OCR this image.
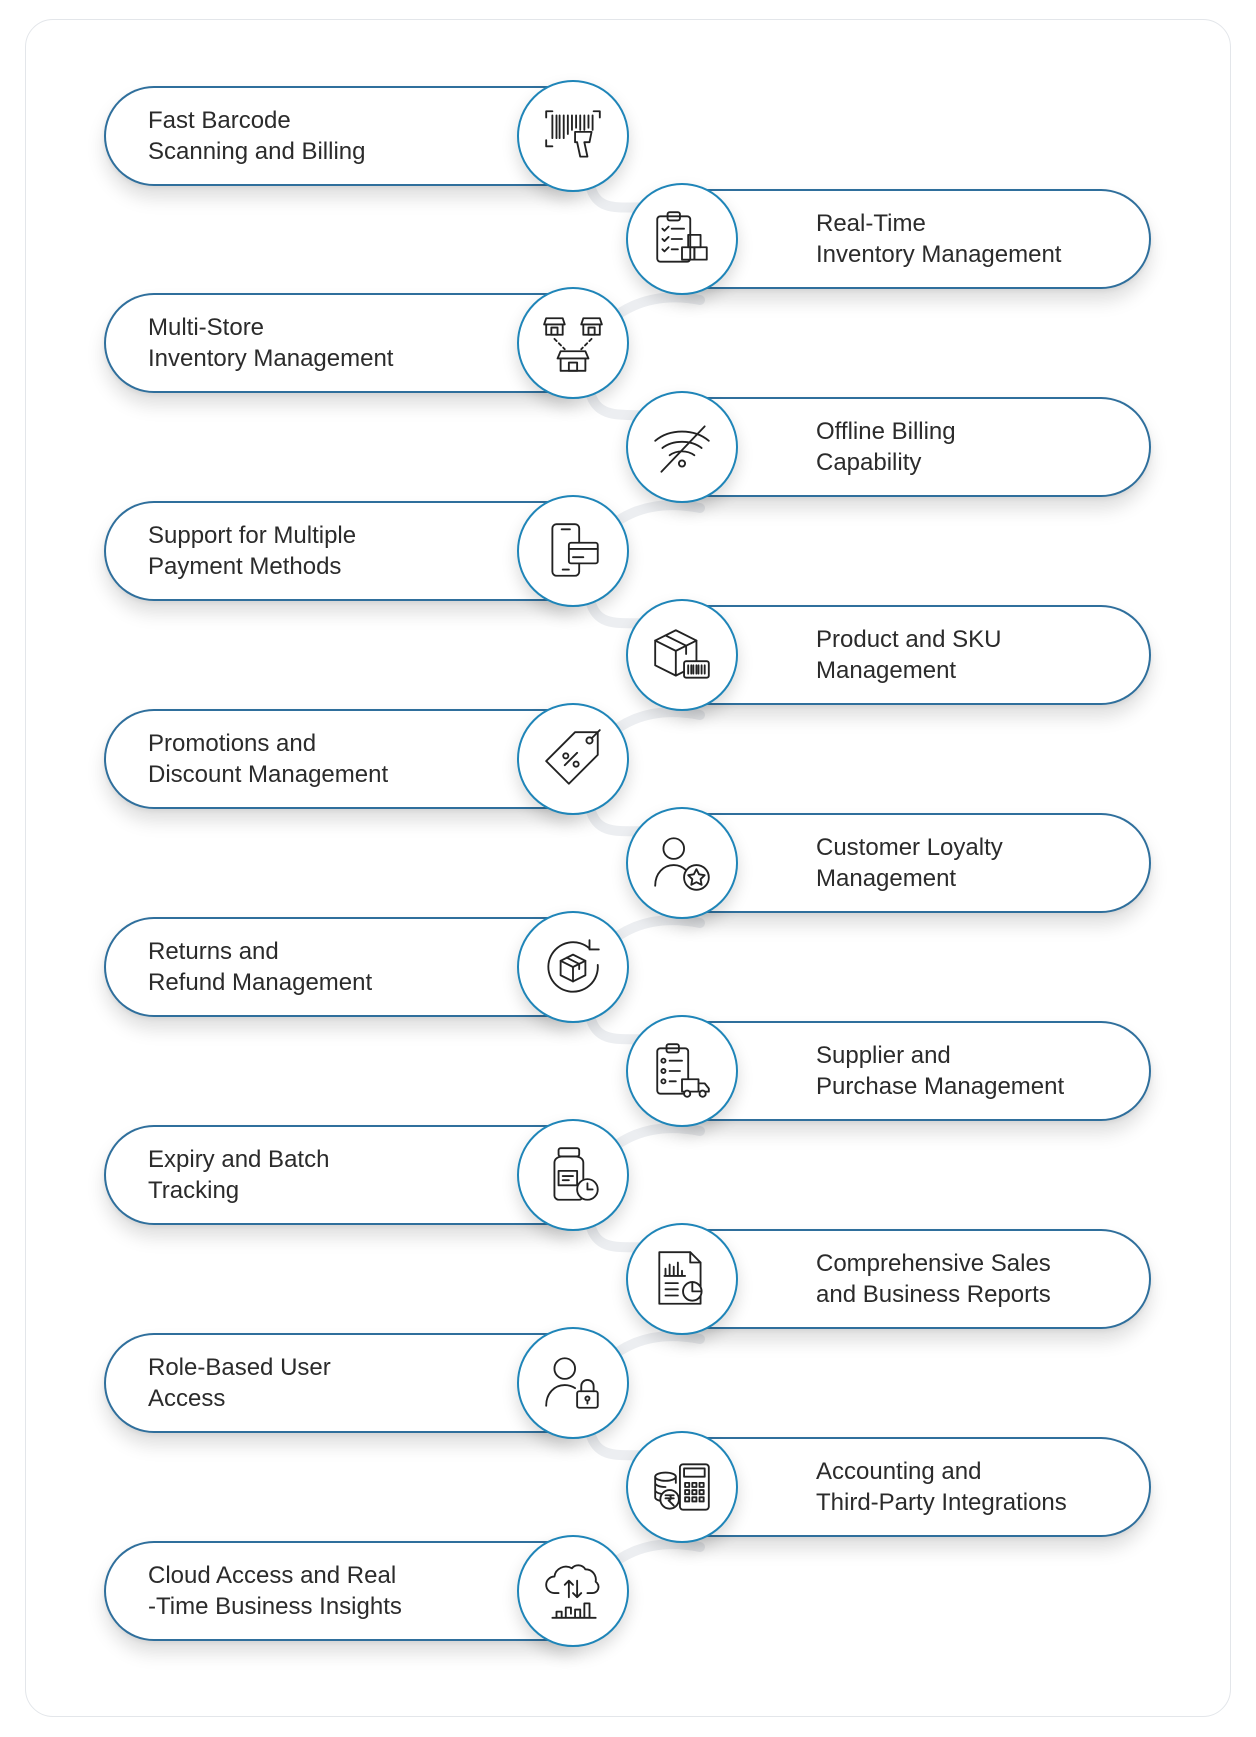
Fast Barcode
Scanning and Billing
Real-Time
Inventory Management
Multi-Store
Inventory Management
Offline Billing
Capability
Support for Multiple
Payment Methods
Product and SKU
Management
Promotions and
Discount Management
Customer Loyalty
Management
Returns and
Refund Management
Supplier and
Purchase Management
Expiry and Batch
Tracking
Comprehensive Sales
and Business Reports
Role-Based User
Access
Accounting and
Third-Party Integrations
Cloud Access and Real
-Time Business Insights
